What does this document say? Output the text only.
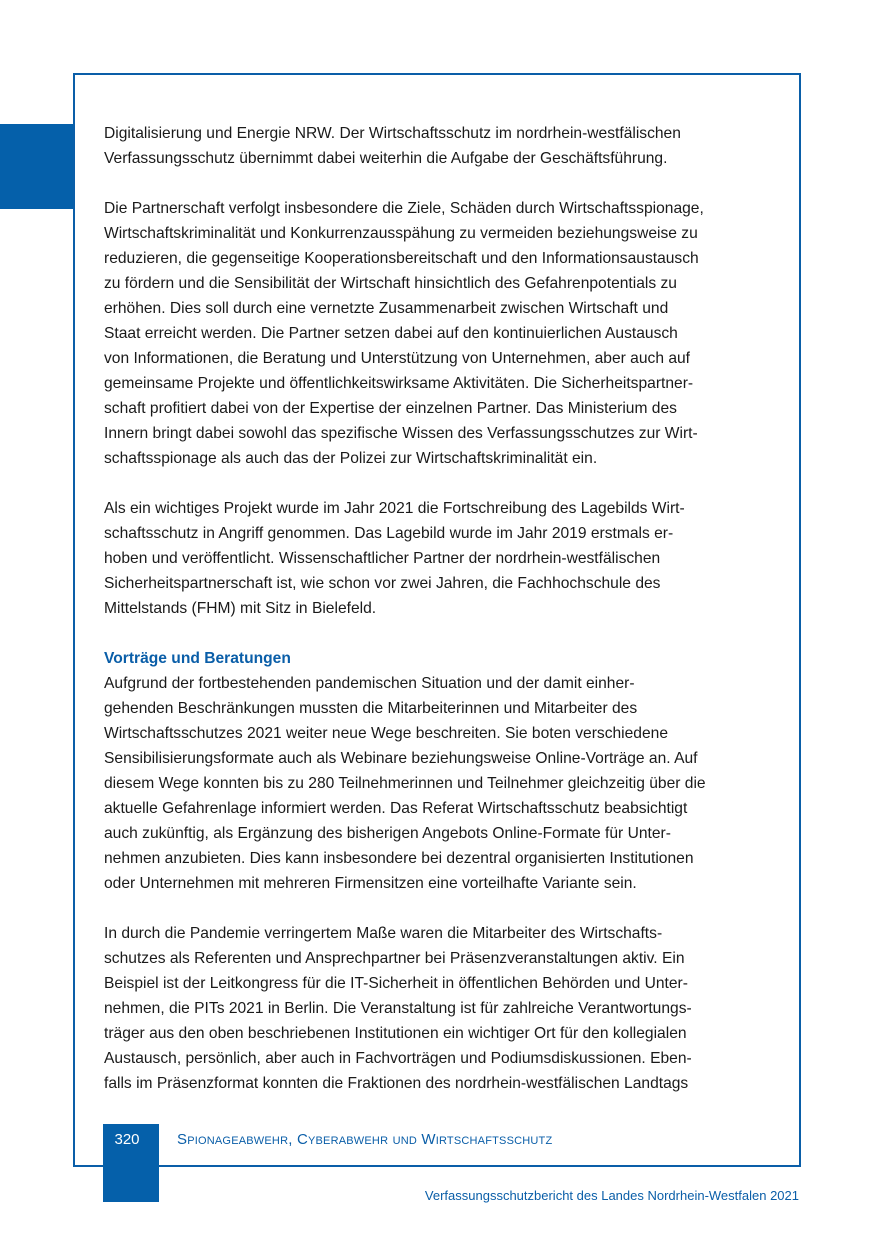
Digitalisierung und Energie NRW. Der Wirtschaftsschutz im nordrhein-westfälischen
Verfassungsschutz übernimmt dabei weiterhin die Aufgabe der Geschäftsführung.

Die Partnerschaft verfolgt insbesondere die Ziele, Schäden durch Wirtschaftsspionage,
Wirtschaftskriminalität und Konkurrenzausspähung zu vermeiden beziehungsweise zu
reduzieren, die gegenseitige Kooperationsbereitschaft und den Informationsaustausch
zu fördern und die Sensibilität der Wirtschaft hinsichtlich des Gefahrenpotentials zu
erhöhen. Dies soll durch eine vernetzte Zusammenarbeit zwischen Wirtschaft und
Staat erreicht werden. Die Partner setzen dabei auf den kontinuierlichen Austausch
von Informationen, die Beratung und Unterstützung von Unternehmen, aber auch auf
gemeinsame Projekte und öffentlichkeitswirksame Aktivitäten. Die Sicherheitspartner-
schaft profitiert dabei von der Expertise der einzelnen Partner. Das Ministerium des
Innern bringt dabei sowohl das spezifische Wissen des Verfassungsschutzes zur Wirt-
schaftsspionage als auch das der Polizei zur Wirtschaftskriminalität ein.

Als ein wichtiges Projekt wurde im Jahr 2021 die Fortschreibung des Lagebilds Wirt-
schaftsschutz in Angriff genommen. Das Lagebild wurde im Jahr 2019 erstmals er-
hoben und veröffentlicht. Wissenschaftlicher Partner der nordrhein-westfälischen
Sicherheitspartnerschaft ist, wie schon vor zwei Jahren, die Fachhochschule des
Mittelstands (FHM) mit Sitz in Bielefeld.

Vorträge und Beratungen

Aufgrund der fortbestehenden pandemischen Situation und der damit einher-
gehenden Beschränkungen mussten die Mitarbeiterinnen und Mitarbeiter des
Wirtschaftsschutzes 2021 weiter neue Wege beschreiten. Sie boten verschiedene
Sensibilisierungsformate auch als Webinare beziehungsweise Online-Vorträge an. Auf
diesem Wege konnten bis zu 280 Teilnehmerinnen und Teilnehmer gleichzeitig über die
aktuelle Gefahrenlage informiert werden. Das Referat Wirtschaftsschutz beabsichtigt
auch zukünftig, als Ergänzung des bisherigen Angebots Online-Formate für Unter-
nehmen anzubieten. Dies kann insbesondere bei dezentral organisierten Institutionen
oder Unternehmen mit mehreren Firmensitzen eine vorteilhafte Variante sein.

In durch die Pandemie verringertem Maße waren die Mitarbeiter des Wirtschafts-
schutzes als Referenten und Ansprechpartner bei Präsenzveranstaltungen aktiv. Ein
Beispiel ist der Leitkongress für die IT-Sicherheit in öffentlichen Behörden und Unter-
nehmen, die PITs 2021 in Berlin. Die Veranstaltung ist für zahlreiche Verantwortungs-
träger aus den oben beschriebenen Institutionen ein wichtiger Ort für den kollegialen
Austausch, persönlich, aber auch in Fachvorträgen und Podiumsdiskussionen. Eben-
falls im Präsenzformat konnten die Fraktionen des nordrhein-westfälischen Landtags

320	Spionageabwehr, Cyberabwehr und Wirtschaftsschutz
Verfassungsschutzbericht des Landes Nordrhein-Westfalen 2021
